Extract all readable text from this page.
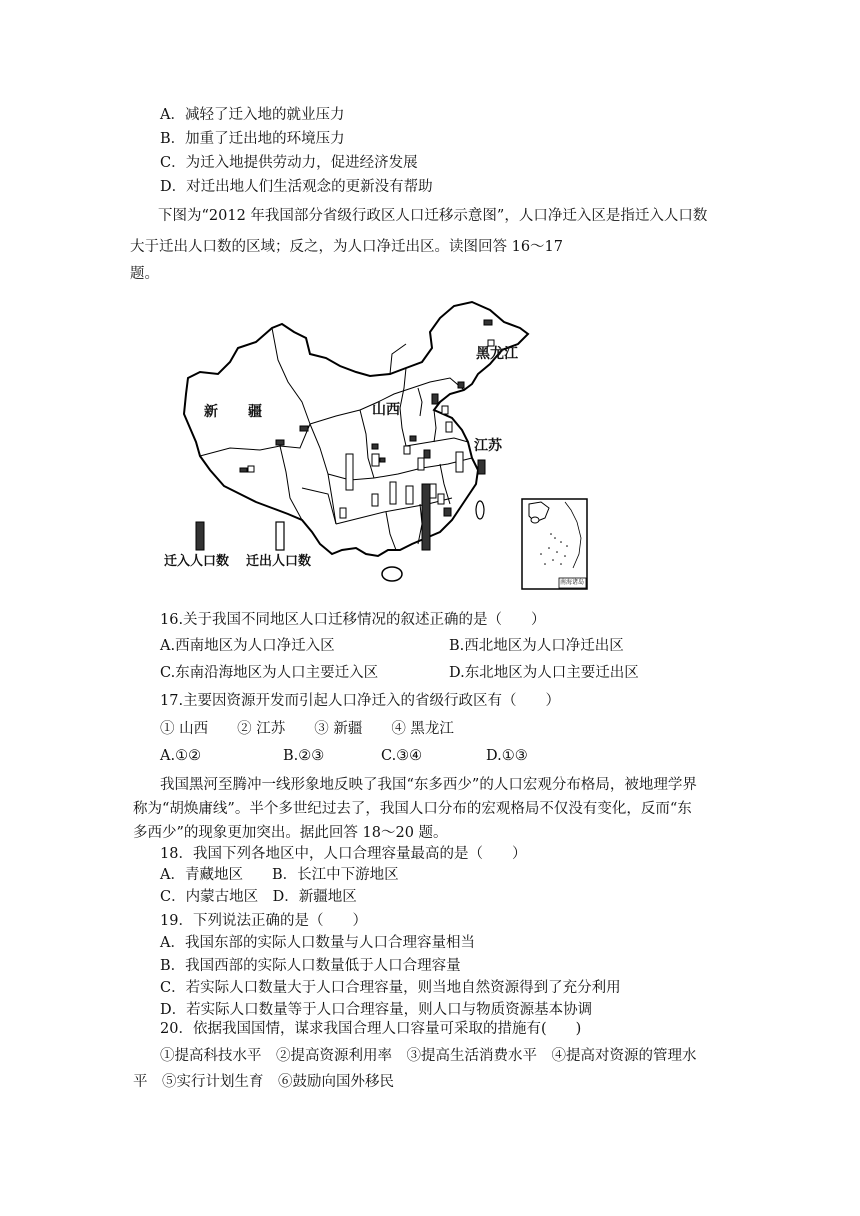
A．减轻了迁入地的就业压力
B．加重了迁出地的环境压力
C．为迁入地提供劳动力，促进经济发展
D．对迁出地人们生活观念的更新没有帮助
下图为“2012 年我国部分省级行政区人口迁移示意图”，人口净迁入区是指迁入人口数
大于迁出人口数的区域；反之，为人口净迁出区。读图回答 16～17
题。
新 疆	山西
黑龙江
江苏
迁入人口数 迁出人口数
南海诸岛
16.关于我国不同地区人口迁移情况的叙述正确的是（　　）
A.西南地区为人口净迁入区	B.西北地区为人口净迁出区
C.东南沿海地区为人口主要迁入区	D.东北地区为人口主要迁出区
17.主要因资源开发而引起人口净迁入的省级行政区有（　　）
① 山西　　② 江苏　　③ 新疆　　④ 黑龙江
A.①②	B.②③	C.③④	D.①③
我国黑河至腾冲一线形象地反映了我国“东多西少”的人口宏观分布格局，被地理学界
称为“胡焕庸线”。半个多世纪过去了，我国人口分布的宏观格局不仅没有变化，反而“东
多西少”的现象更加突出。据此回答 18～20 题。
18．我国下列各地区中，人口合理容量最高的是（　　）
A．青藏地区　　B．长江中下游地区
C．内蒙古地区　D．新疆地区
19．下列说法正确的是（　　）
A．我国东部的实际人口数量与人口合理容量相当
B．我国西部的实际人口数量低于人口合理容量
C．若实际人口数量大于人口合理容量，则当地自然资源得到了充分利用
D．若实际人口数量等于人口合理容量，则人口与物质资源基本协调
20．依据我国国情，谋求我国合理人口容量可采取的措施有(　　)
①提高科技水平　②提高资源利用率　③提高生活消费水平　④提高对资源的管理水
平　⑤实行计划生育　⑥鼓励向国外移民
